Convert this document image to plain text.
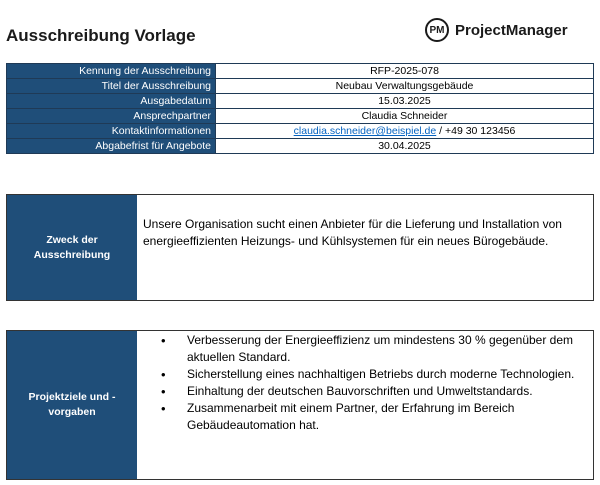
Ausschreibung Vorlage	PM ProjectManager
Kennung der Ausschreibung	RFP-2025-078
Titel der Ausschreibung	Neubau Verwaltungsgebäude
Ausgabedatum	15.03.2025
Ansprechpartner	Claudia Schneider
Kontaktinformationen	claudia.schneider@beispiel.de / +49 30 123456
Abgabefrist für Angebote	30.04.2025
Zweck der Ausschreibung
Unsere Organisation sucht einen Anbieter für die Lieferung und Installation von energieeffizienten Heizungs- und Kühlsystemen für ein neues Bürogebäude.
Projektziele und - vorgaben
• Verbesserung der Energieeffizienz um mindestens 30 % gegenüber dem aktuellen Standard.
• Sicherstellung eines nachhaltigen Betriebs durch moderne Technologien.
• Einhaltung der deutschen Bauvorschriften und Umweltstandards.
• Zusammenarbeit mit einem Partner, der Erfahrung im Bereich Gebäudeautomation hat.
